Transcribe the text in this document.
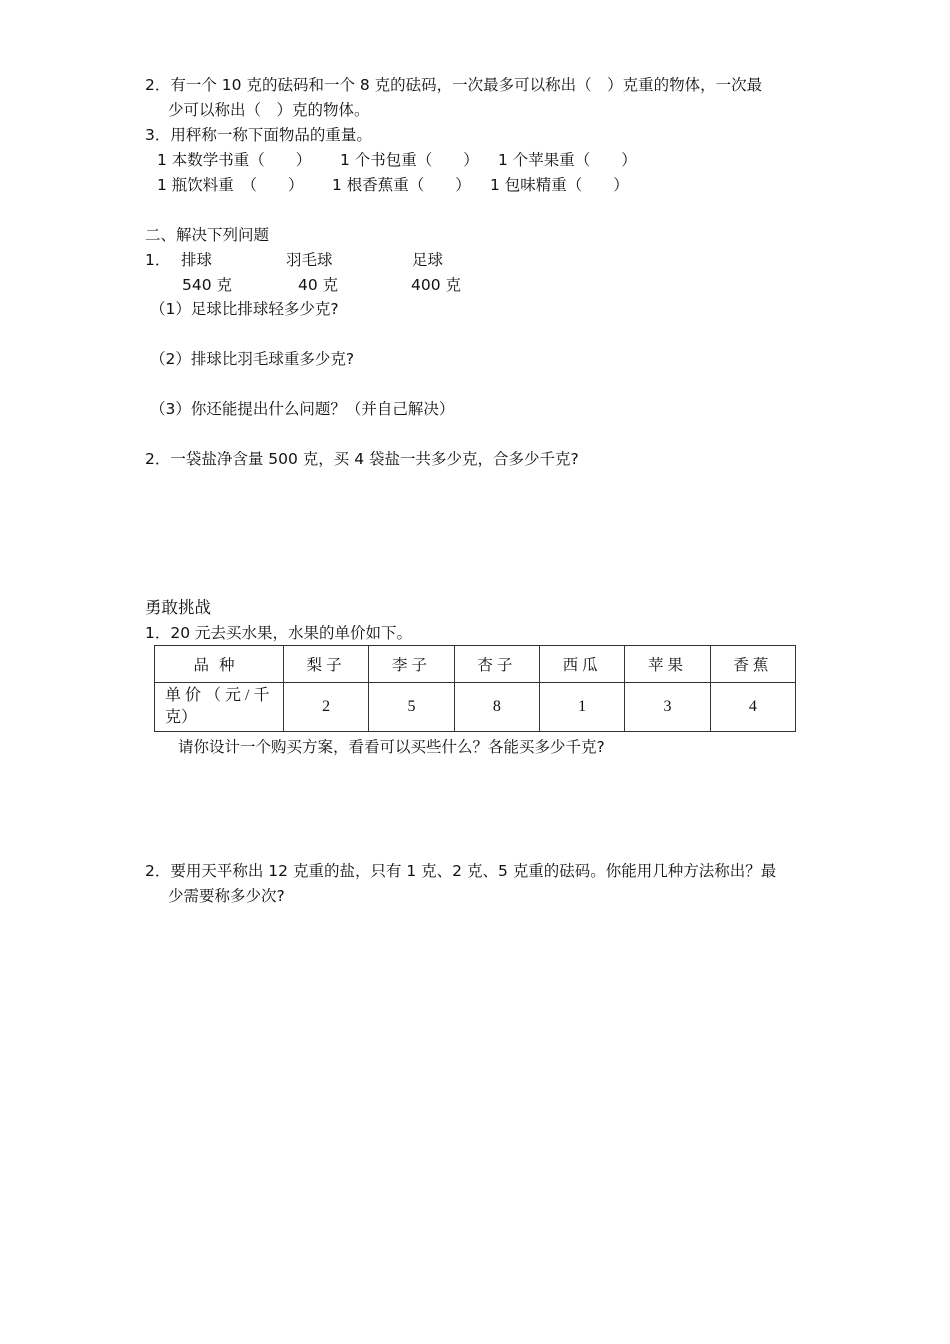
2．有一个 10 克的砝码和一个 8 克的砝码，一次最多可以称出（　）克重的物体，一次最
少可以称出（　）克的物体。
3．用秤称一称下面物品的重量。
1 本数学书重（　　） 1 个书包重（　　） 1 个苹果重（　　）
1 瓶饮料重　（　　） 1 根香蕉重（　　） 1 包味精重（　　）
二、解决下列问题
1． 排球	羽毛球	足球
540 克	40 克	400 克
（1）足球比排球轻多少克?
（2）排球比羽毛球重多少克?
（3）你还能提出什么问题？（并自己解决）
2．一袋盐净含量 500 克，买 4 袋盐一共多少克，合多少千克?
勇敢挑战
1．20 元去买水果，水果的单价如下。
品种	梨子	李子	杏子	西瓜	苹果	香蕉

单 价 （ 元 / 千
克）	2	5	8	1	3	4
请你设计一个购买方案，看看可以买些什么？各能买多少千克?
2．要用天平称出 12 克重的盐，只有 1 克、2 克、5 克重的砝码。你能用几种方法称出？最
少需要称多少次?
